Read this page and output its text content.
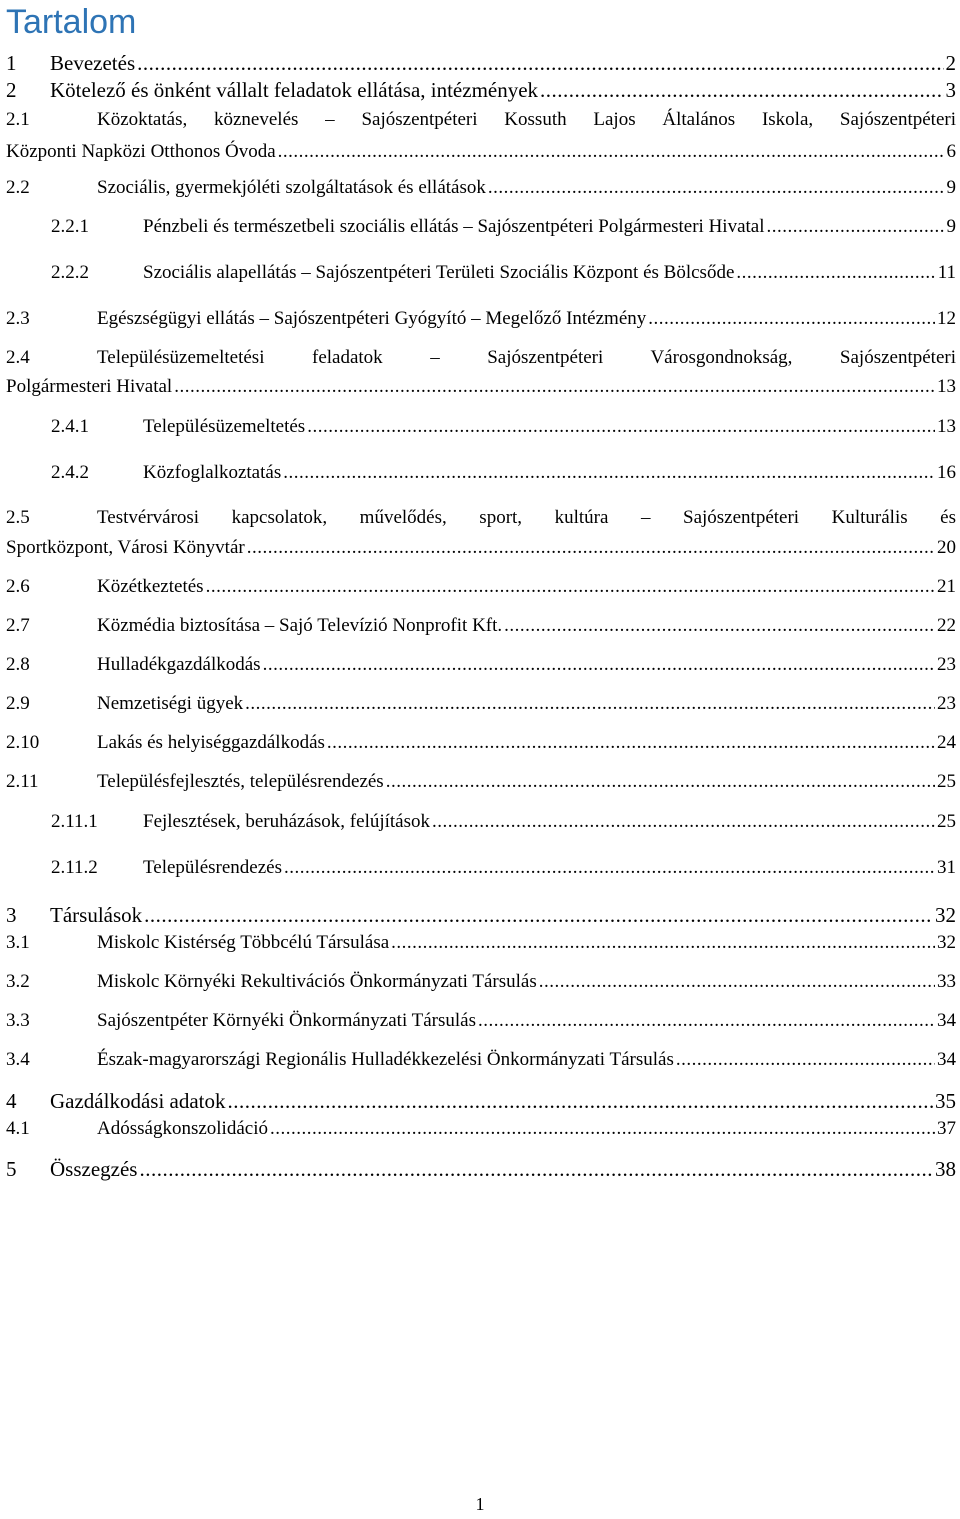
Tartalom
1 Bevezetés .....	2
2 Kötelező és önként vállalt feladatok ellátása, intézmények .....	3
2.1	Közoktatás, köznevelés – Sajószentpéteri Kossuth Lajos Általános Iskola, Sajószentpéteri
Központi Napközi Otthonos Óvoda .....	6
2.2	Szociális, gyermekjóléti szolgáltatások és ellátások .....	9
2.2.1	Pénzbeli és természetbeli szociális ellátás – Sajószentpéteri Polgármesteri Hivatal .....	9
2.2.2	Szociális alapellátás – Sajószentpéteri Területi Szociális Központ és Bölcsőde .....	11
2.3	Egészségügyi ellátás – Sajószentpéteri Gyógyító – Megelőző Intézmény .....	12
2.4	Településüzemeltetési feladatok – Sajószentpéteri Városgondnokság, Sajószentpéteri
Polgármesteri Hivatal .....	13
2.4.1	Településüzemeltetés .....	13
2.4.2	Közfoglalkoztatás .....	16
2.5	Testvérvárosi kapcsolatok, művelődés, sport, kultúra – Sajószentpéteri Kulturális és
Sportközpont, Városi Könyvtár .....	20
2.6	Közétkeztetés .....	21
2.7	Közmédia biztosítása – Sajó Televízió Nonprofit Kft. .....	22
2.8	Hulladékgazdálkodás .....	23
2.9	Nemzetiségi ügyek .....	23
2.10	Lakás és helyiséggazdálkodás .....	24
2.11	Településfejlesztés, településrendezés .....	25
2.11.1 Fejlesztések, beruházások, felújítások .....	25
2.11.2 Településrendezés .....	31
3 Társulások .....	32
3.1	Miskolc Kistérség Többcélú Társulása .....	32
3.2	Miskolc Környéki Rekultivációs Önkormányzati Társulás .....	33
3.3	Sajószentpéter Környéki Önkormányzati Társulás .....	34
3.4	Észak-magyarországi Regionális Hulladékkezelési Önkormányzati Társulás .....	34
4 Gazdálkodási adatok .....	35
4.1	Adósságkonszolidáció .....	37
5 Összegzés .....	38
1
